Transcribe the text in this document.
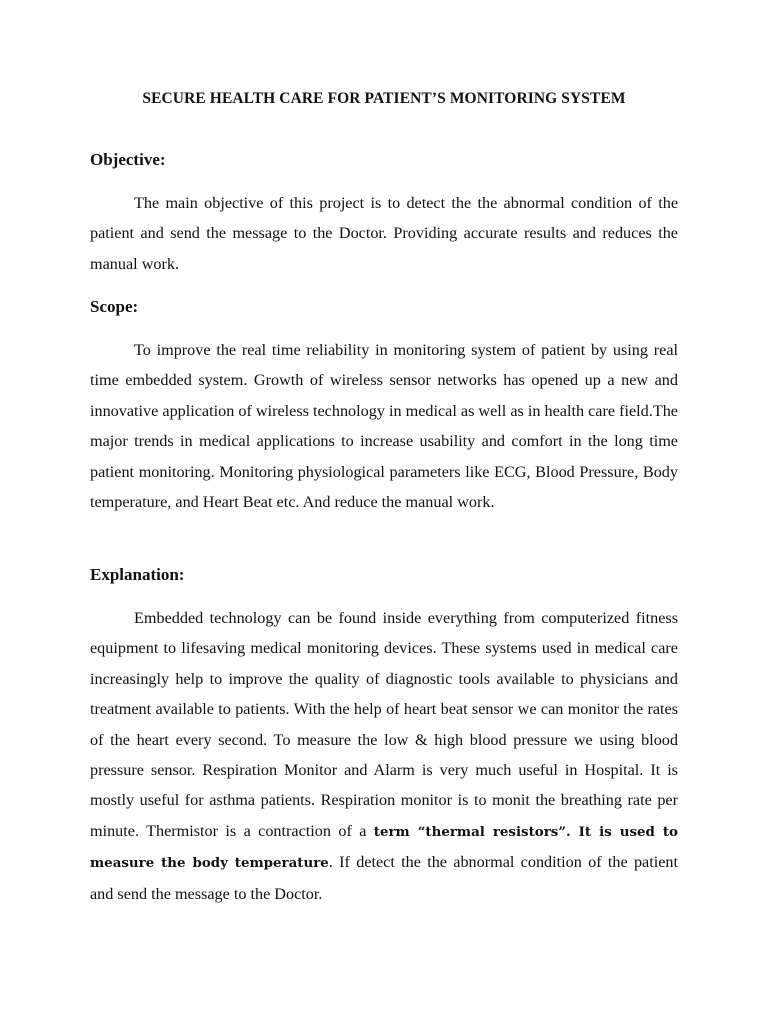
SECURE HEALTH CARE FOR PATIENT’S MONITORING SYSTEM
Objective:
The main objective of this project is to detect the the abnormal condition of the patient and send the message to the Doctor. Providing accurate results and reduces the manual work.
Scope:
To improve the real time reliability in monitoring system of patient by using real time embedded system. Growth of wireless sensor networks has opened up a new and innovative application of wireless technology in medical as well as in health care field.The major trends in medical applications to increase usability and comfort in the long time patient monitoring. Monitoring physiological parameters like ECG, Blood Pressure, Body temperature, and Heart Beat etc. And reduce the manual work.
Explanation:
Embedded technology can be found inside everything from computerized fitness equipment to lifesaving medical monitoring devices. These systems used in medical care increasingly help to improve the quality of diagnostic tools available to physicians and treatment available to patients. With the help of heart beat sensor we can monitor the rates of the heart every second. To measure the low & high blood pressure we using blood pressure sensor. Respiration Monitor and Alarm is very much useful in Hospital. It is mostly useful for asthma patients. Respiration monitor is to monit the breathing rate per minute. Thermistor is a contraction of a term “thermal resistors”. It is used to measure the body temperature. If detect the the abnormal condition of the patient and send the message to the Doctor.
